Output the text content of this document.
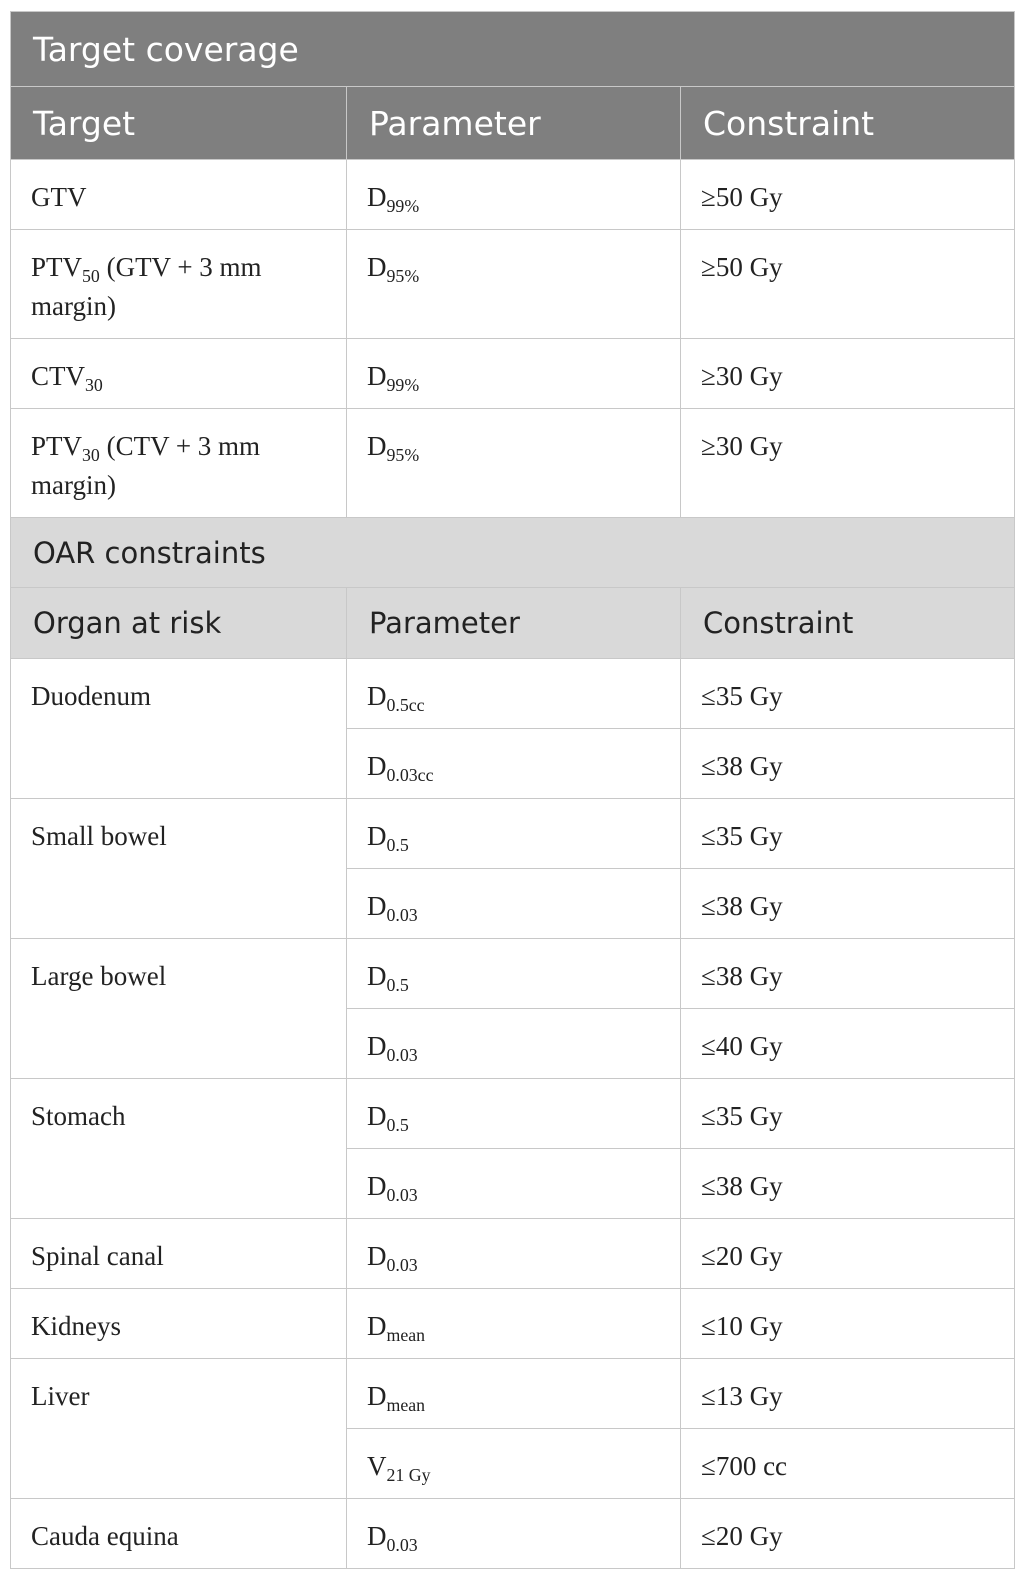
Target coverage		
Target	Parameter	Constraint
GTV	$D_{99\%}$	≥50 Gy
$PTV_{50}$ (GTV + 3 mm margin)	$D_{95\%}$	≥50 Gy
$CTV_{30}$	$D_{99\%}$	≥30 Gy
$PTV_{30}$ (CTV + 3 mm margin)	$D_{95\%}$	≥30 Gy
OAR constraints		
Organ at risk	Parameter	Constraint
Duodenum	$D_{0.5cc}$	≤35 Gy
	$D_{0.03cc}$	≤38 Gy
Small bowel	$D_{0.5}$	≤35 Gy
	$D_{0.03}$	≤38 Gy
Large bowel	$D_{0.5}$	≤38 Gy
	$D_{0.03}$	≤40 Gy
Stomach	$D_{0.5}$	≤35 Gy
	$D_{0.03}$	≤38 Gy
Spinal canal	$D_{0.03}$	≤20 Gy
Kidneys	$D_{mean}$	≤10 Gy
Liver	$D_{mean}$	≤13 Gy
	$V_{21 Gy}$	≤700 cc
Cauda equina	$D_{0.03}$	≤20 Gy
